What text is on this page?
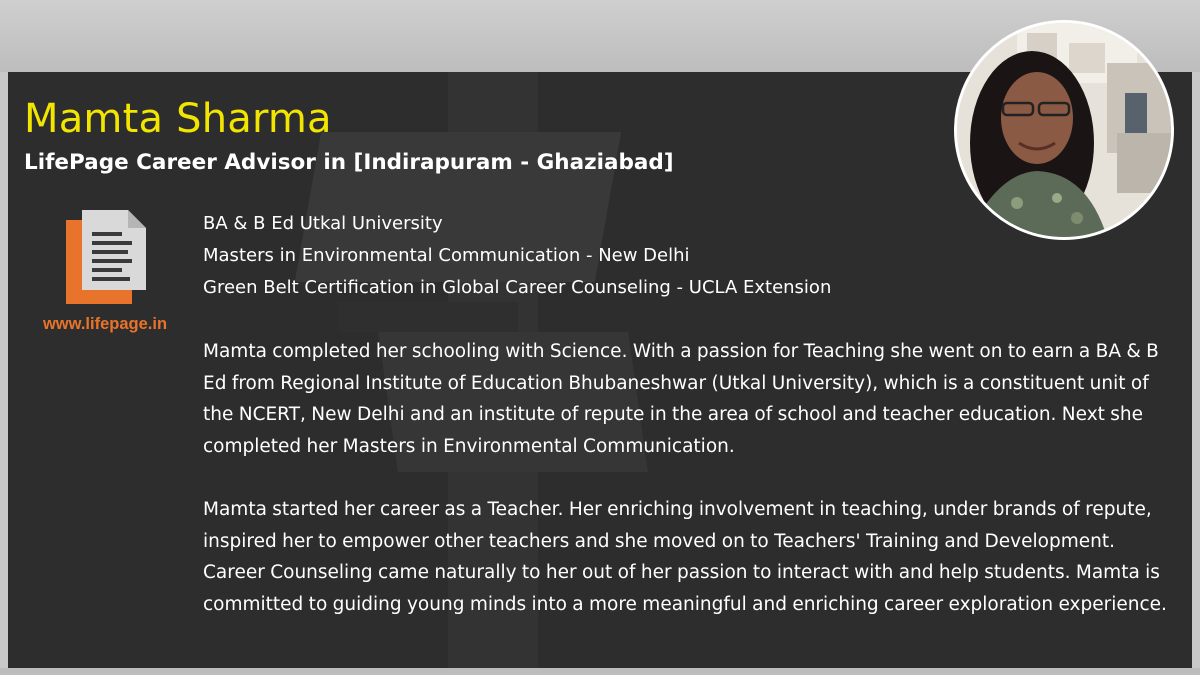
Mamta Sharma
LifePage Career Advisor in [Indirapuram - Ghaziabad]
www.lifepage.in
BA & B Ed Utkal University
Masters in Environmental Communication - New Delhi
Green Belt Certification in Global Career Counseling - UCLA Extension

Mamta completed her schooling with Science. With a passion for Teaching she went on to earn a BA & B Ed from Regional Institute of Education Bhubaneshwar (Utkal University), which is a constituent unit of the NCERT, New Delhi and an institute of repute in the area of school and teacher education. Next she completed her Masters in Environmental Communication.

Mamta started her career as a Teacher. Her enriching involvement in teaching, under brands of repute, inspired her to empower other teachers and she moved on to Teachers' Training and Development. Career Counseling came naturally to her out of her passion to interact with and help students. Mamta is committed to guiding young minds into a more meaningful and enriching career exploration experience.
